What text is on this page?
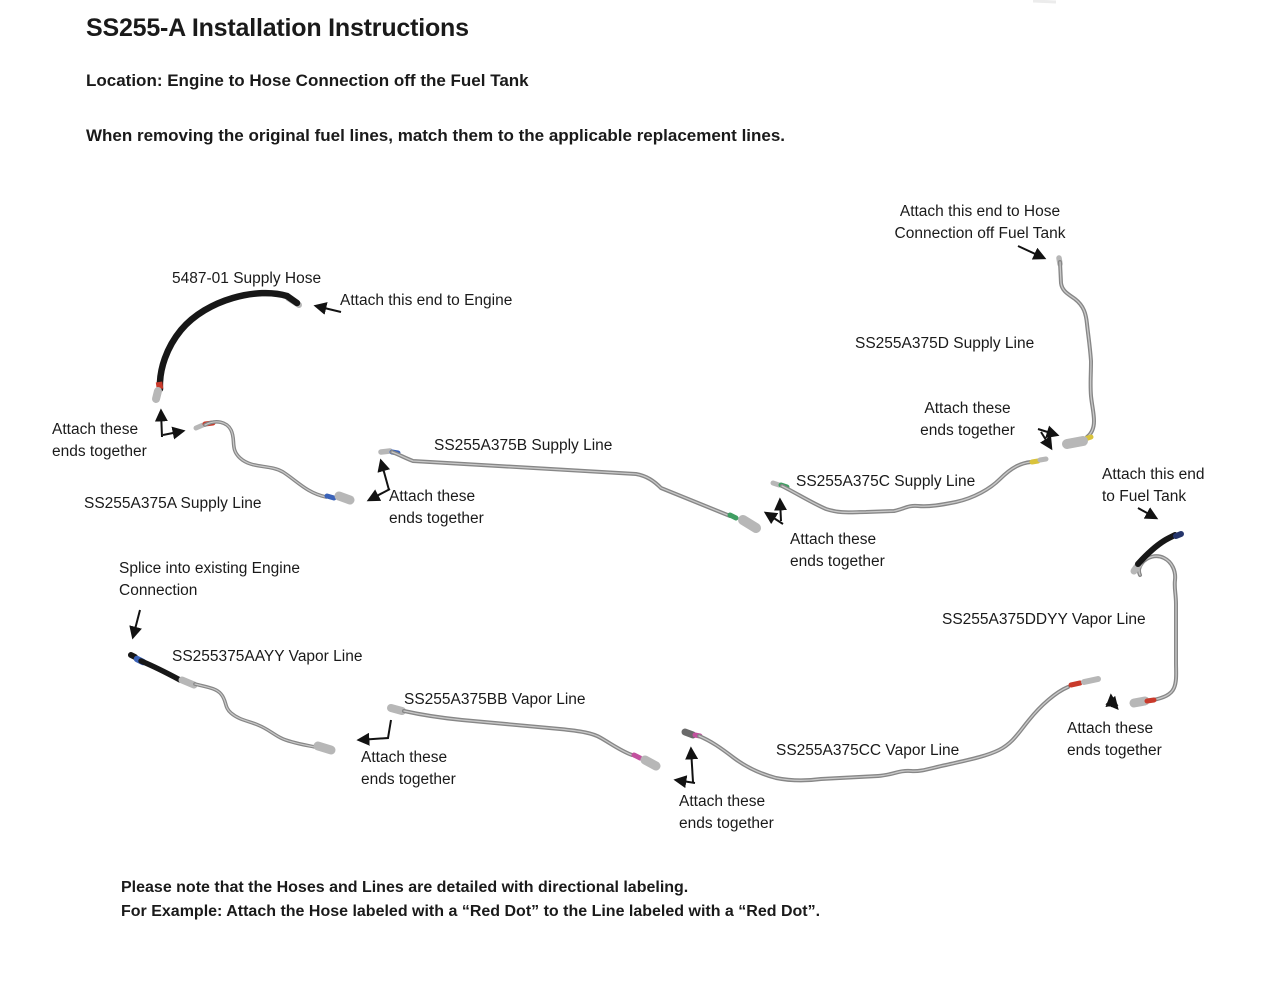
SS255-A Installation Instructions
Location: Engine to Hose Connection off the Fuel Tank
When removing the original fuel lines, match them to the applicable replacement lines.
Attach this end to Hose
Connection off Fuel Tank
5487-01 Supply Hose
Attach this end to Engine
SS255A375D Supply Line
Attach these
ends together
Attach these
ends together
SS255A375A Supply Line
SS255A375B Supply Line
Attach these
ends together
SS255A375C Supply Line	Attach this end
to Fuel Tank
Attach these
ends together
Splice into existing Engine
Connection
SS255375AAYY Vapor Line
SS255A375DDYY Vapor Line
SS255A375BB Vapor Line
Attach these
ends together
SS255A375CC Vapor Line
Attach these
ends together
Attach these
ends together
Please note that the Hoses and Lines are detailed with directional labeling.
For Example: Attach the Hose labeled with a “Red Dot” to the Line labeled with a “Red Dot”.
